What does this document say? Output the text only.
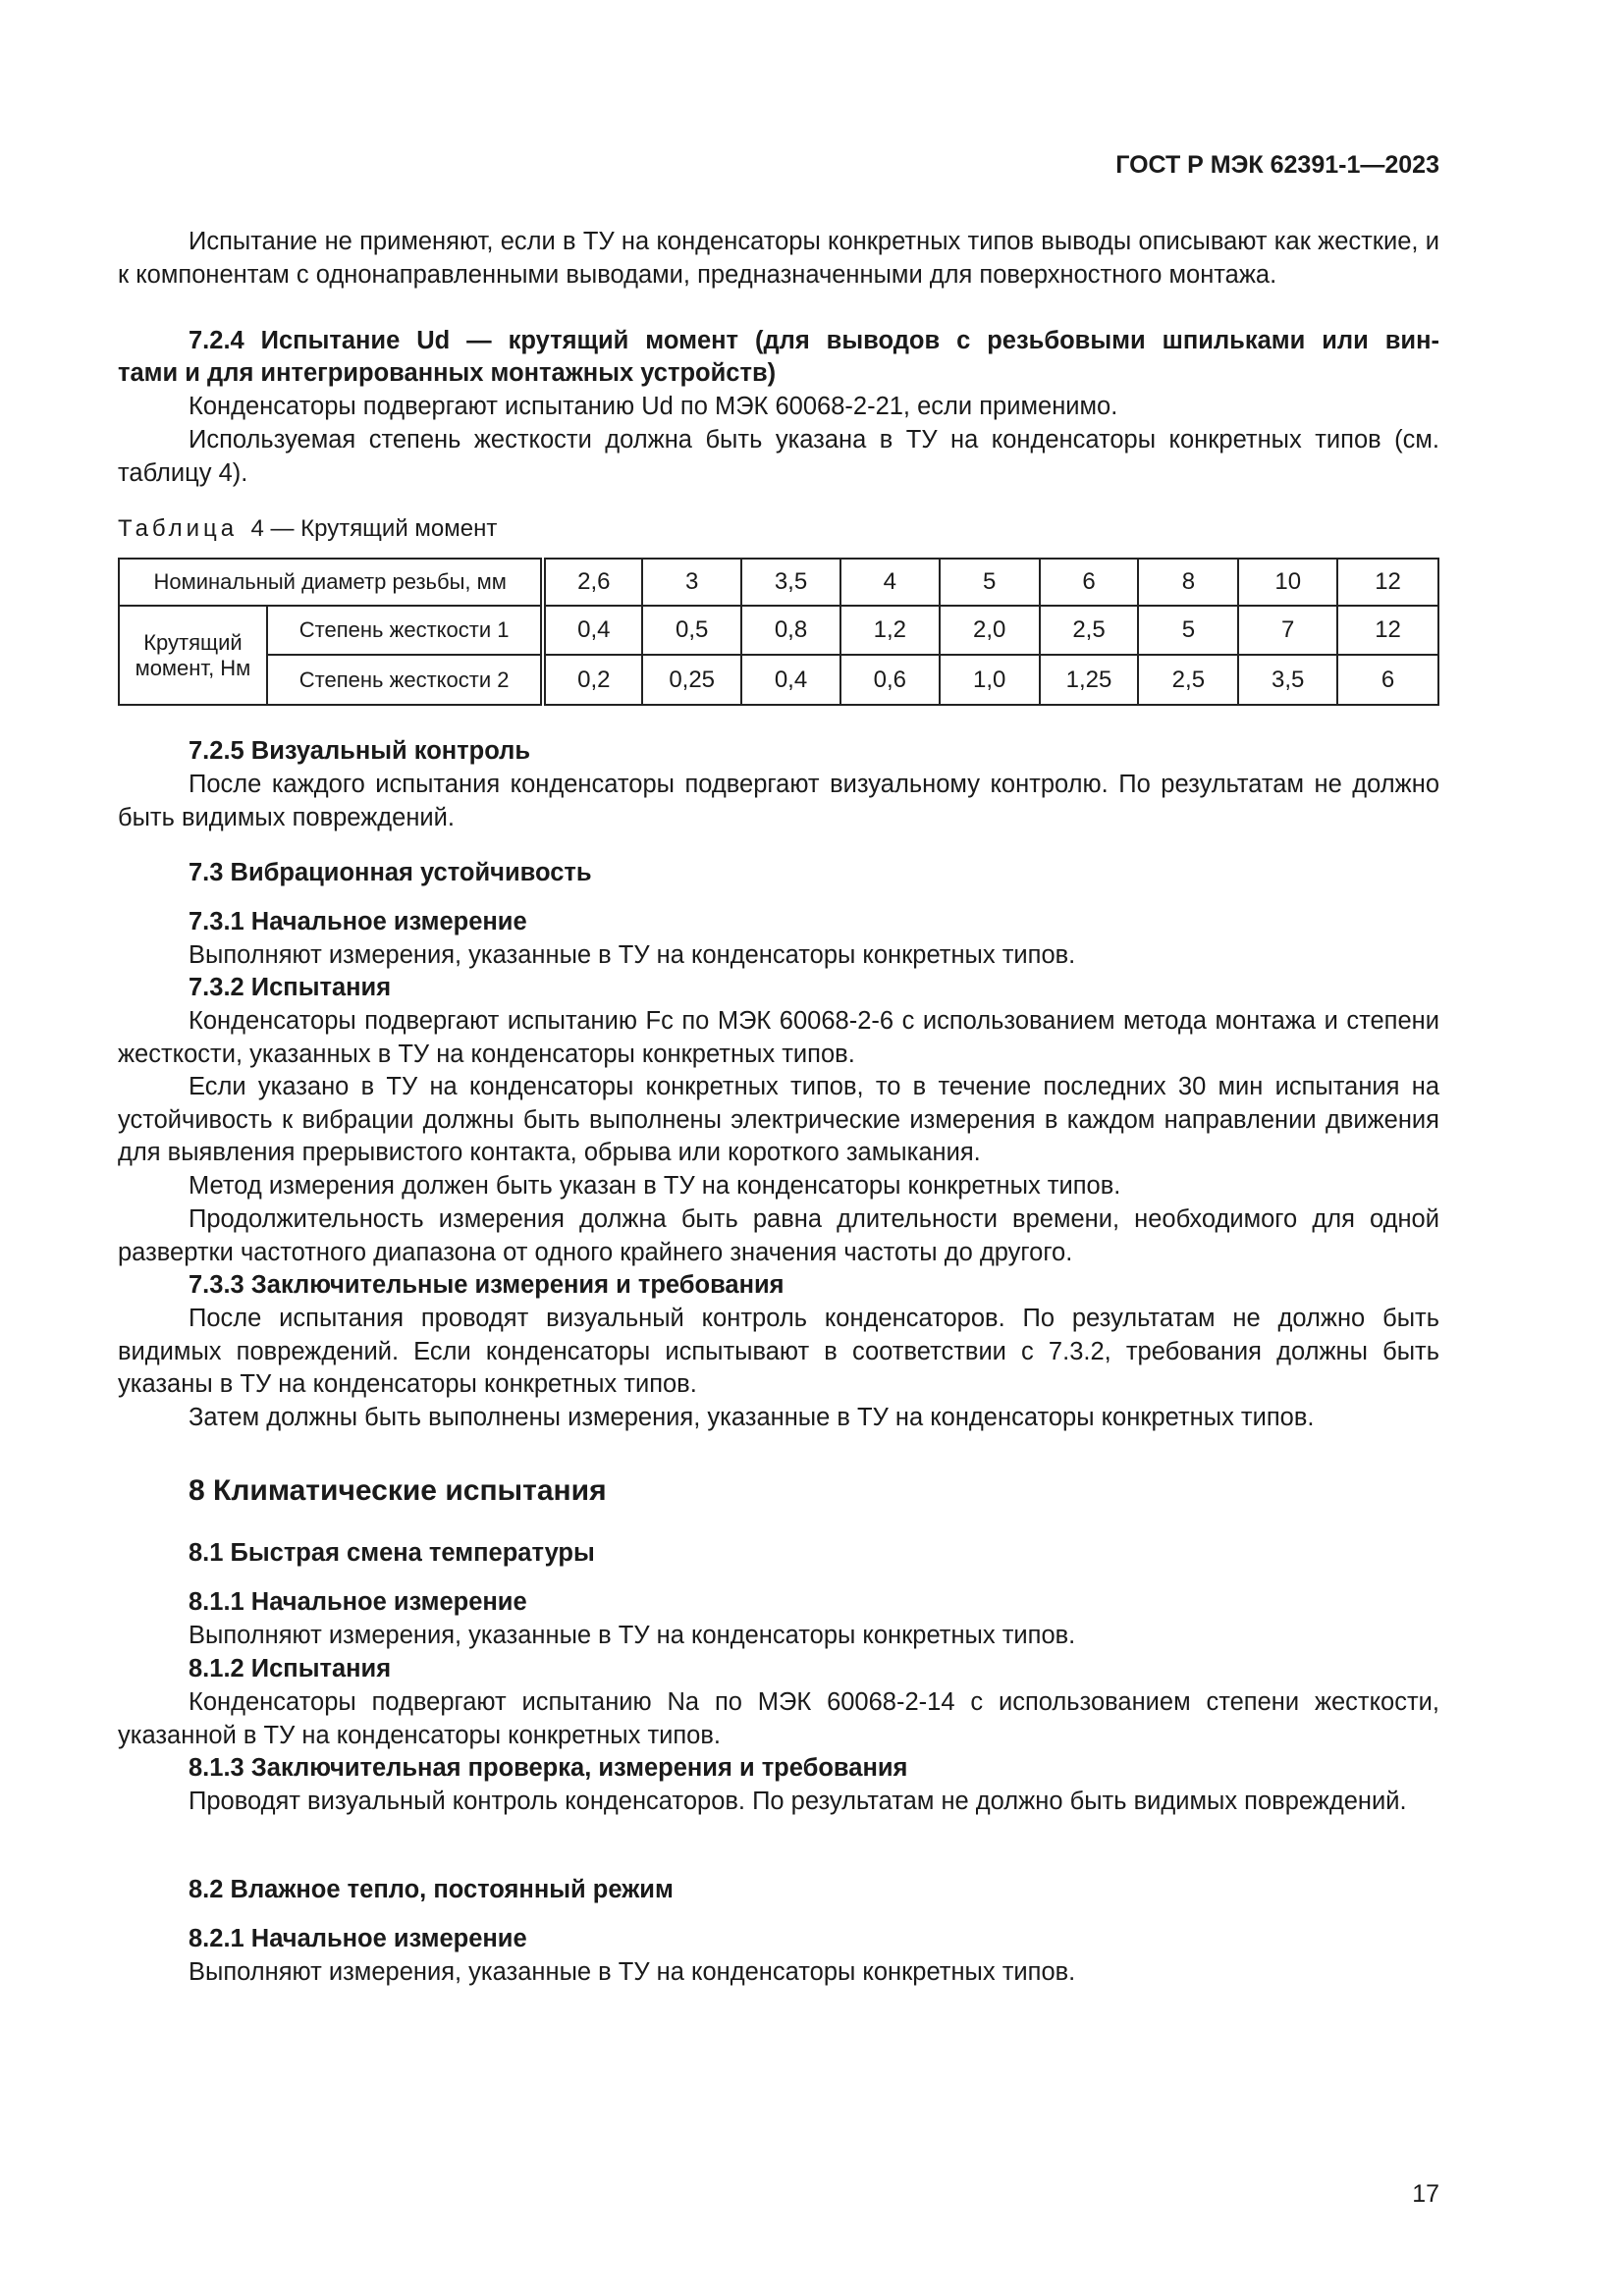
ГОСТ Р МЭК 62391-1—2023
Испытание не применяют, если в ТУ на конденсаторы конкретных типов выводы описывают как жесткие, и к компонентам с однонаправленными выводами, предназначенными для поверхностного монтажа.
7.2.4 Испытание Ud — крутящий момент (для выводов с резьбовыми шпильками или вин-
тами и для интегрированных монтажных устройств)
Конденсаторы подвергают испытанию Ud по МЭК 60068-2-21, если применимо.
Используемая степень жесткости должна быть указана в ТУ на конденсаторы конкретных типов (см. таблицу 4).
Таблица 4 — Крутящий момент
Номинальный диаметр резьбы, мм		2,6	3	3,5	4	5	6	8	10	12
Крутящий момент, Нм	Степень жесткости 1	0,4	0,5	0,8	1,2	2,0	2,5	5	7	12
	Степень жесткости 2	0,2	0,25	0,4	0,6	1,0	1,25	2,5	3,5	6
7.2.5 Визуальный контроль
После каждого испытания конденсаторы подвергают визуальному контролю. По результатам не должно быть видимых повреждений.
7.3 Вибрационная устойчивость
7.3.1 Начальное измерение
Выполняют измерения, указанные в ТУ на конденсаторы конкретных типов.
7.3.2 Испытания
Конденсаторы подвергают испытанию Fc по МЭК 60068-2-6 с использованием метода монтажа и степени жесткости, указанных в ТУ на конденсаторы конкретных типов.
Если указано в ТУ на конденсаторы конкретных типов, то в течение последних 30 мин испытания на устойчивость к вибрации должны быть выполнены электрические измерения в каждом направлении движения для выявления прерывистого контакта, обрыва или короткого замыкания.
Метод измерения должен быть указан в ТУ на конденсаторы конкретных типов.
Продолжительность измерения должна быть равна длительности времени, необходимого для одной развертки частотного диапазона от одного крайнего значения частоты до другого.
7.3.3 Заключительные измерения и требования
После испытания проводят визуальный контроль конденсаторов. По результатам не должно быть видимых повреждений. Если конденсаторы испытывают в соответствии с 7.3.2, требования должны быть указаны в ТУ на конденсаторы конкретных типов.
Затем должны быть выполнены измерения, указанные в ТУ на конденсаторы конкретных типов.
8 Климатические испытания
8.1 Быстрая смена температуры
8.1.1 Начальное измерение
Выполняют измерения, указанные в ТУ на конденсаторы конкретных типов.
8.1.2 Испытания
Конденсаторы подвергают испытанию Na по МЭК 60068-2-14 с использованием степени жесткости, указанной в ТУ на конденсаторы конкретных типов.
8.1.3 Заключительная проверка, измерения и требования
Проводят визуальный контроль конденсаторов. По результатам не должно быть видимых повреждений.
8.2 Влажное тепло, постоянный режим
8.2.1 Начальное измерение
Выполняют измерения, указанные в ТУ на конденсаторы конкретных типов.
17
